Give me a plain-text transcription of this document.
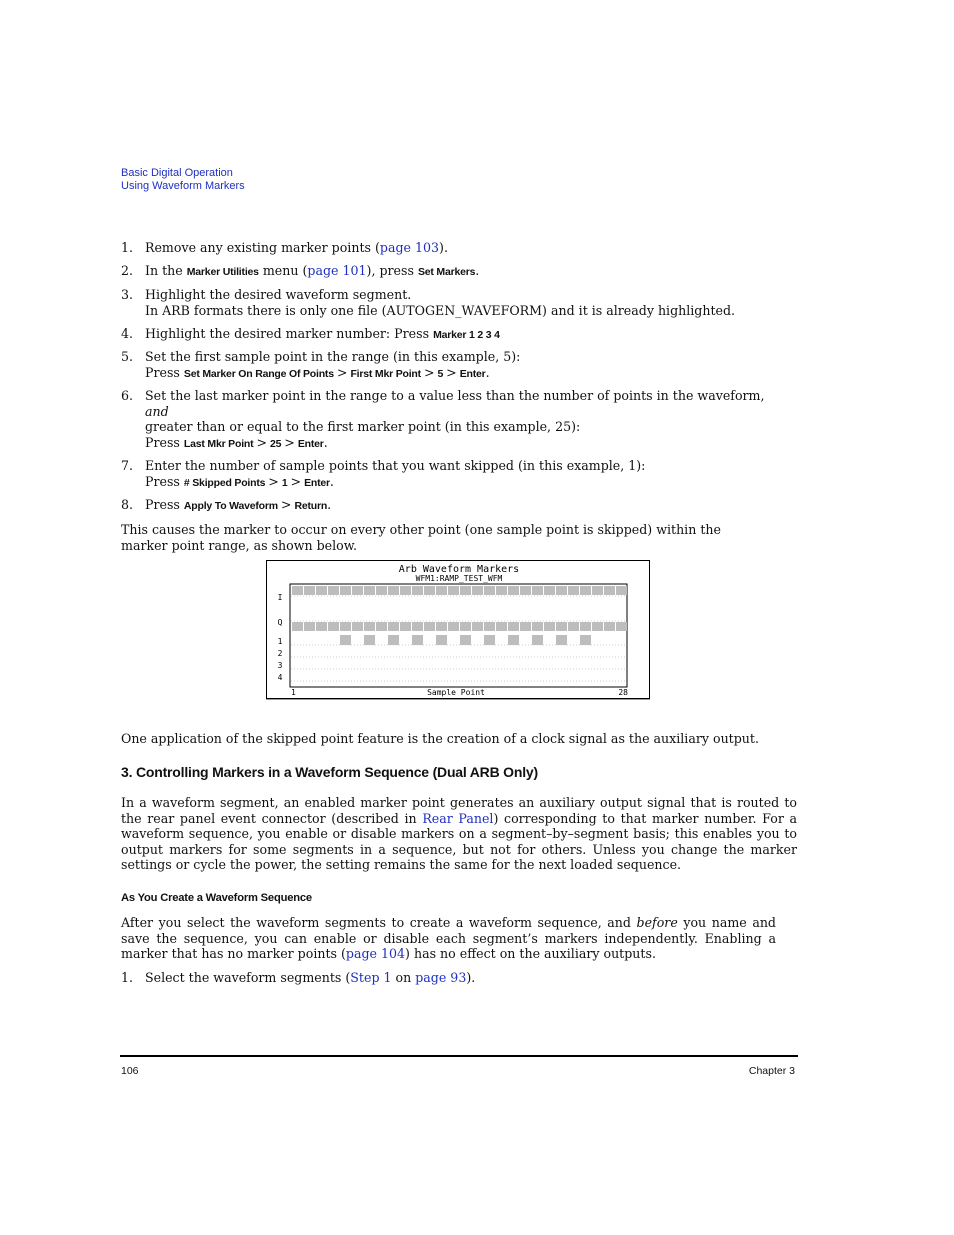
Basic Digital Operation
Using Waveform Markers
1. Remove any existing marker points (page 103).
2. In the Marker Utilities menu (page 101), press Set Markers.
3. Highlight the desired waveform segment.
In ARB formats there is only one file (AUTOGEN_WAVEFORM) and it is already highlighted.
4. Highlight the desired marker number: Press Marker 1 2 3 4
5. Set the first sample point in the range (in this example, 5):
Press Set Marker On Range Of Points > First Mkr Point > 5 > Enter.
6. Set the last marker point in the range to a value less than the number of points in the waveform,
and
greater than or equal to the first marker point (in this example, 25):
Press Last Mkr Point > 25 > Enter.
7. Enter the number of sample points that you want skipped (in this example, 1):
Press # Skipped Points > 1 > Enter.
8. Press Apply To Waveform > Return.
This causes the marker to occur on every other point (one sample point is skipped) within the marker point range, as shown below.
Arb Waveform Markers
WFM1:RAMP_TEST_WFM
I
Q
1
2
3
4
1	Sample Point	28
One application of the skipped point feature is the creation of a clock signal as the auxiliary output.
3. Controlling Markers in a Waveform Sequence (Dual ARB Only)
In a waveform segment, an enabled marker point generates an auxiliary output signal that is routed to the rear panel event connector (described in Rear Panel) corresponding to that marker number. For a waveform sequence, you enable or disable markers on a segment–by–segment basis; this enables you to output markers for some segments in a sequence, but not for others. Unless you change the marker settings or cycle the power, the setting remains the same for the next loaded sequence.
As You Create a Waveform Sequence
After you select the waveform segments to create a waveform sequence, and before you name and save the sequence, you can enable or disable each segment’s markers independently. Enabling a marker that has no marker points (page 104) has no effect on the auxiliary outputs.
1. Select the waveform segments (Step 1 on page 93).
106	Chapter 3
